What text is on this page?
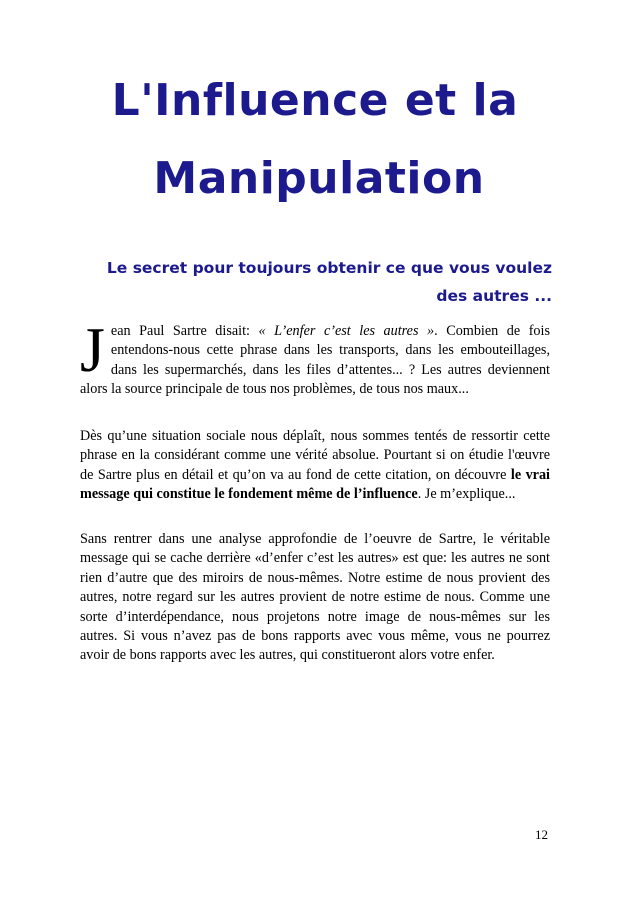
L'Influence et la
Manipulation

Le secret pour toujours obtenir ce que vous voulez

des autres ...

Jean Paul Sartre disait: « L’enfer c’est les autres ». Combien de fois entendons-nous cette phrase dans les transports, dans les embouteillages, dans les supermarchés, dans les files d’attentes... ? Les autres deviennent alors la source principale de tous nos problèmes, de tous nos maux...

Dès qu’une situation sociale nous déplaît, nous sommes tentés de ressortir cette phrase en la considérant comme une vérité absolue. Pourtant si on étudie l'œuvre de Sartre plus en détail et qu’on va au fond de cette citation, on découvre le vrai message qui constitue le fondement même de l’influence. Je m’explique...

Sans rentrer dans une analyse approfondie de l’oeuvre de Sartre, le véritable message qui se cache derrière «d’enfer c’est les autres» est que: les autres ne sont rien d’autre que des miroirs de nous-mêmes. Notre estime de nous provient des autres, notre regard sur les autres provient de notre estime de nous. Comme une sorte d’interdépendance, nous projetons notre image de nous-mêmes sur les autres. Si vous n’avez pas de bons rapports avec vous même, vous ne pourrez avoir de bons rapports avec les autres, qui constitueront alors votre enfer.

12
